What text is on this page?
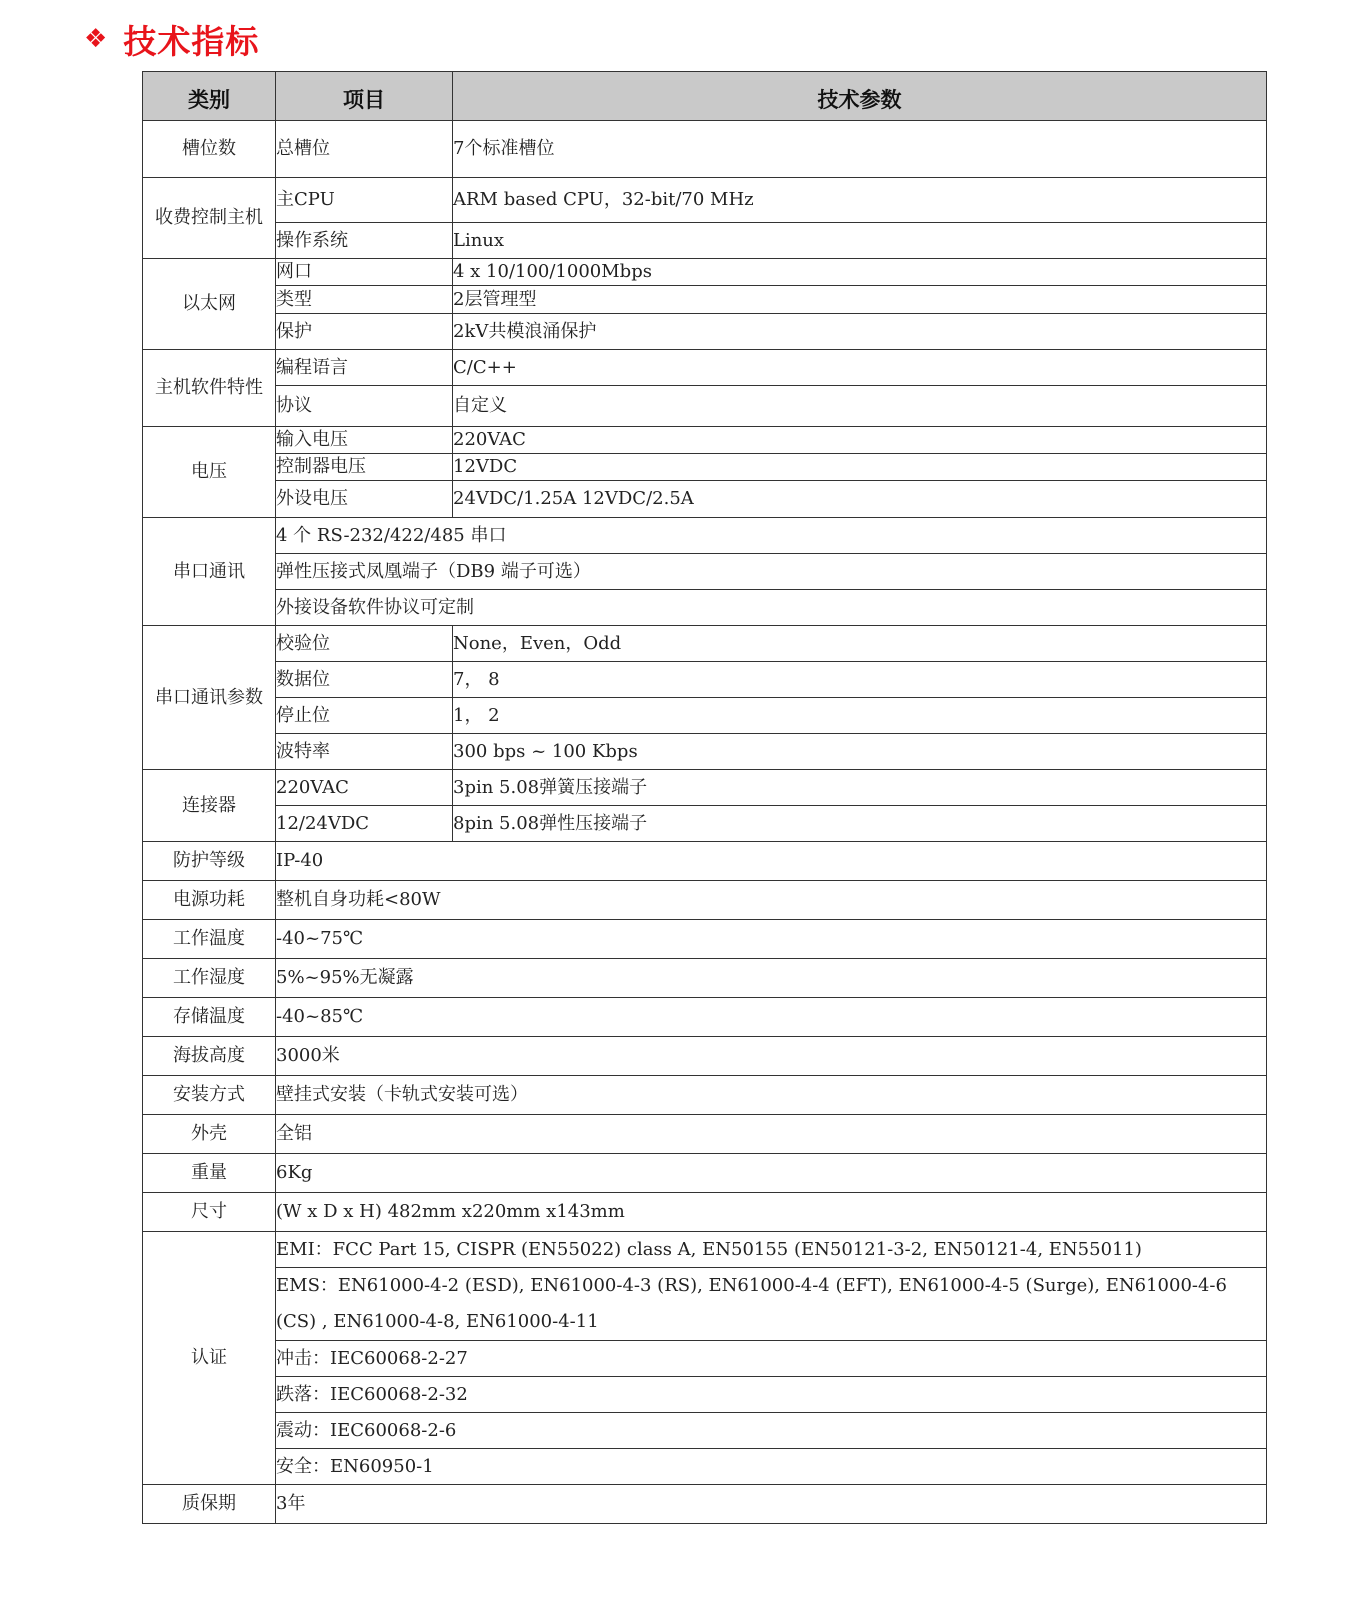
❖ 技术指标
类别	项目	技术参数
槽位数	总槽位	7个标准槽位
收费控制主机	主CPU	ARM based CPU，32-bit/70 MHz
	操作系统	Linux
以太网	网口	4 x 10/100/1000Mbps
	类型	2层管理型
	保护	2kV共模浪涌保护
主机软件特性	编程语言	C/C++
	协议	自定义
电压	输入电压	220VAC
	控制器电压	12VDC
	外设电压	24VDC/1.25A 12VDC/2.5A
串口通讯	4 个 RS-232/422/485 串口	
	弹性压接式凤凰端子（DB9 端子可选）	
	外接设备软件协议可定制	
串口通讯参数	校验位	None，Even，Odd
	数据位	7， 8
	停止位	1， 2
	波特率	300 bps ~ 100 Kbps
连接器	220VAC	3pin 5.08弹簧压接端子
	12/24VDC	8pin 5.08弹性压接端子
防护等级	IP-40	
电源功耗	整机自身功耗<80W	
工作温度	-40~75℃	
工作湿度	5%~95%无凝露	
存储温度	-40~85℃	
海拔高度	3000米	
安装方式	壁挂式安装（卡轨式安装可选）	
外壳	全铝	
重量	6Kg	
尺寸	(W x D x H) 482mm x220mm x143mm	
认证	EMI：FCC Part 15, CISPR (EN55022) class A, EN50155 (EN50121-3-2, EN50121-4, EN55011)	
	EMS：EN61000-4-2 (ESD), EN61000-4-3 (RS), EN61000-4-4 (EFT), EN61000-4-5 (Surge), EN61000-4-6 (CS) , EN61000-4-8, EN61000-4-11	
	冲击：IEC60068-2-27	
	跌落：IEC60068-2-32	
	震动：IEC60068-2-6	
	安全：EN60950-1	
质保期	3年	
